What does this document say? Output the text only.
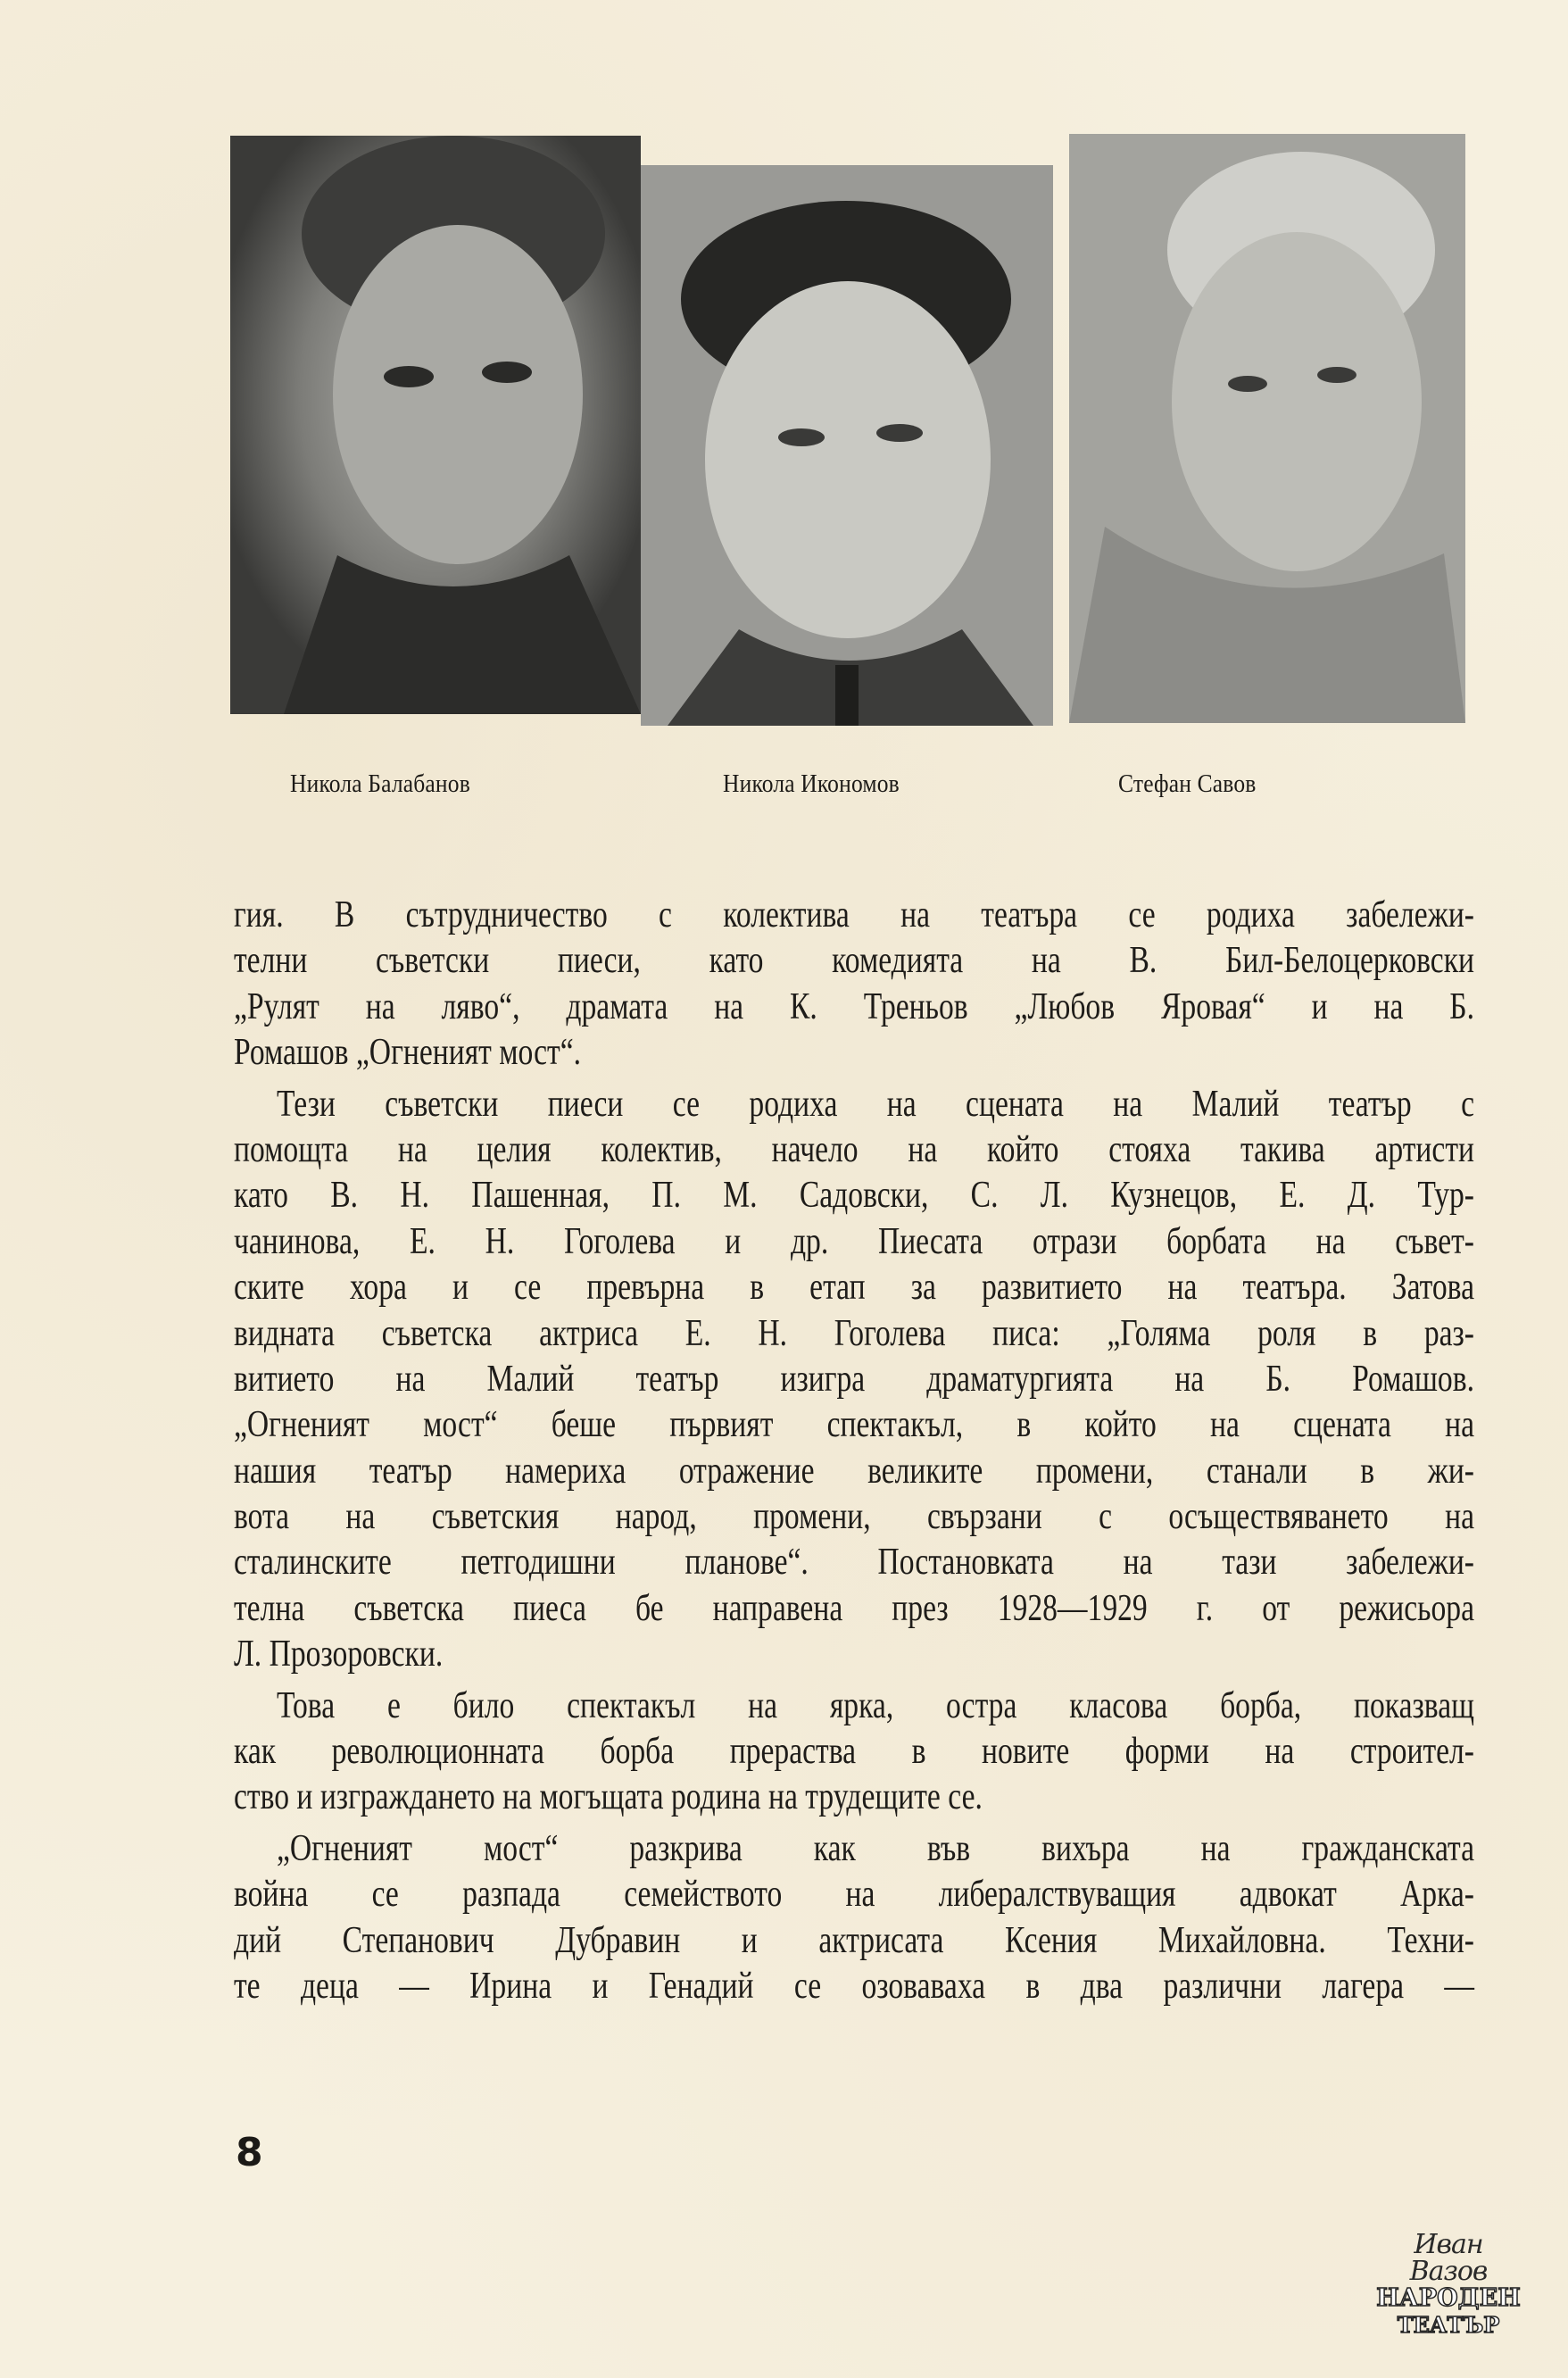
Никола Балабанов	Никола Икономов	Стефан Савов
гия. В сътрудничество с колектива на театъра се родиха забележи-
телни съветски пиеси, като комедията на В. Бил-Белоцерковски
„Рулят на ляво“, драмата на К. Треньов „Любов Яровая“ и на Б.
Ромашов „Огненият мост“.
Тези съветски пиеси се родиха на сцената на Малий театър с
помощта на целия колектив, начело на който стояха такива артисти
като В. Н. Пашенная, П. М. Садовски, С. Л. Кузнецов, Е. Д. Тур-
чанинова, Е. Н. Гоголева и др. Пиесата отрази борбата на съвет-
ските хора и се превърна в етап за развитието на театъра. Затова
видната съветска актриса Е. Н. Гоголева писа: „Голяма роля в раз-
витието на Малий театър изигра драматургията на Б. Ромашов.
„Огненият мост“ беше първият спектакъл, в който на сцената на
нашия театър намериха отражение великите промени, станали в жи-
вота на съветския народ, промени, свързани с осъществяването на
сталинските петгодишни планове“. Постановката на тази забележи-
телна съветска пиеса бе направена през 1928—1929 г. от режисьора
Л. Прозоровски.
Това е било спектакъл на ярка, остра класова борба, показващ
как революционната борба прераства в новите форми на строител-
ство и изграждането на могъщата родина на трудещите се.
„Огненият мост“ разкрива как във вихъра на гражданската
война се разпада семейството на либералствуващия адвокат Арка-
дий Степанович Дубравин и актрисата Ксения Михайловна. Техни-
те деца — Ирина и Генадий се озоваваха в два различни лагера —
8
Иван Вазов
НАРОДЕН
ТЕАТЪР
